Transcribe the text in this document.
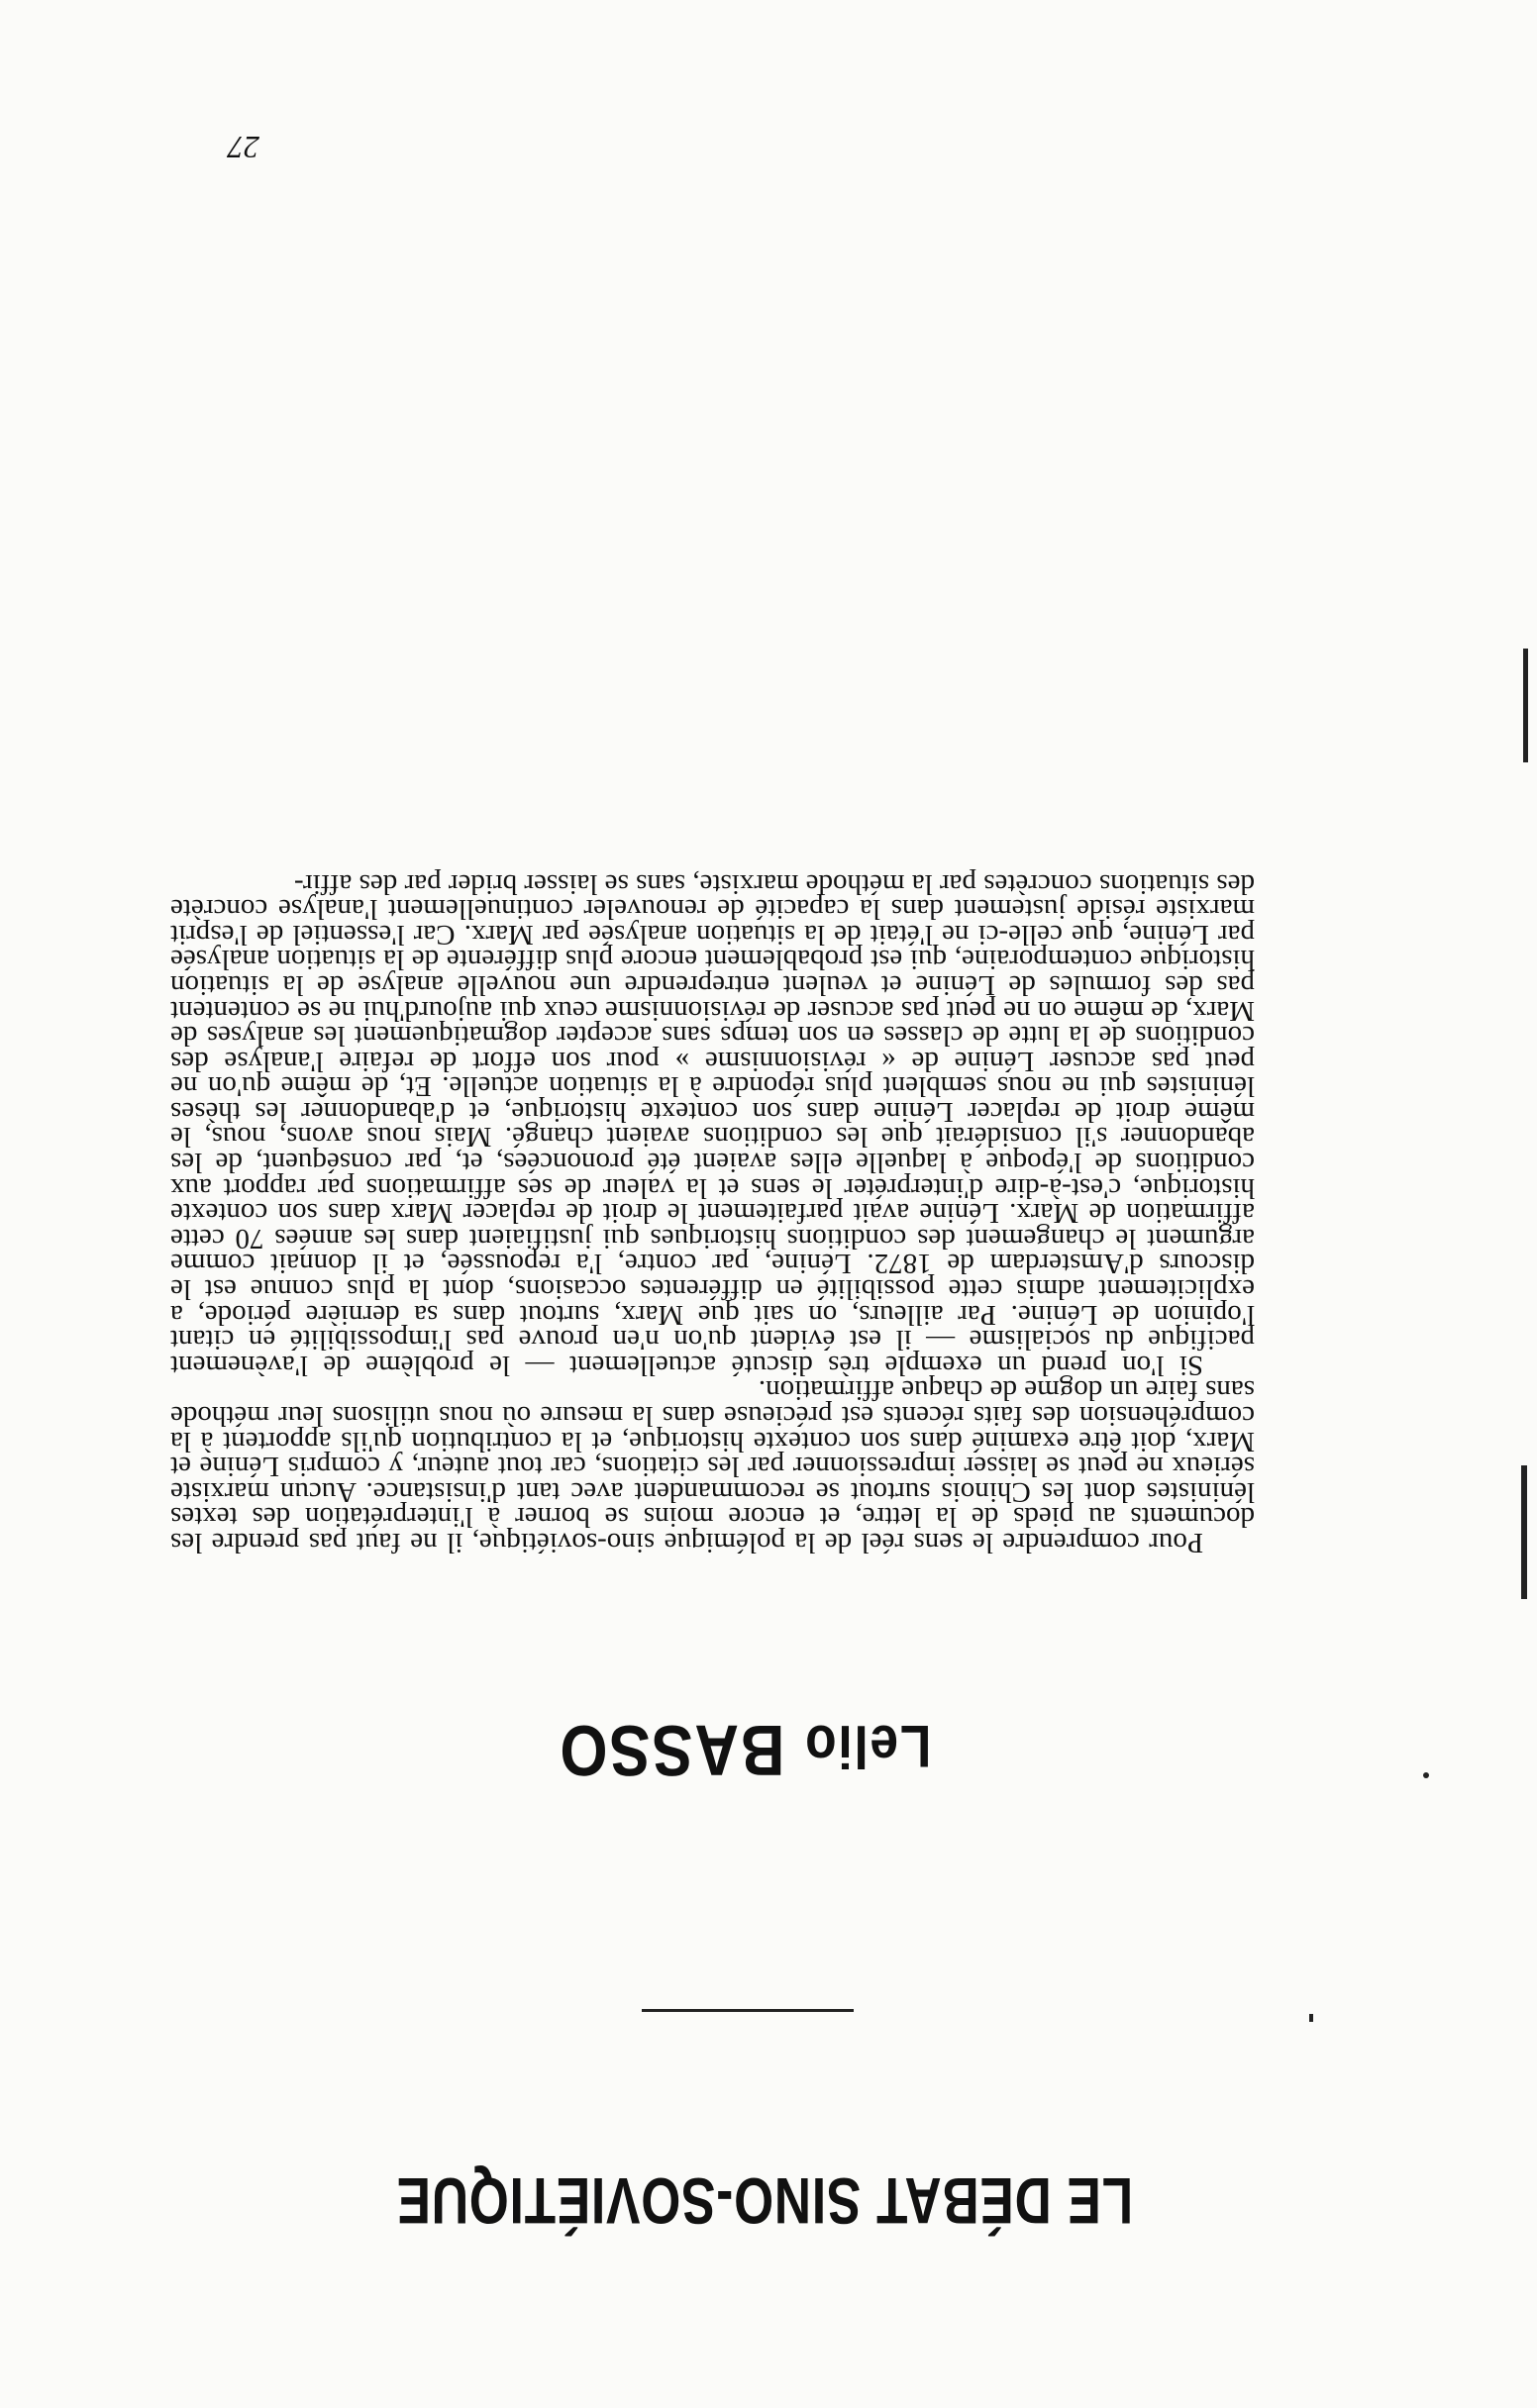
LE DÉBAT SINO-SOVIÉTIQUE
Lelio BASSO

Pour comprendre le sens réel de la polémique sino-soviétique, il ne faut pas prendre les documents au pieds de la lettre, et encore moins se borner à l'interprétation des textes léninistes dont les Chinois surtout se recommandent avec tant d'insistance. Aucun marxiste sérieux ne peut se laisser impressionner par les citations, car tout auteur, y compris Lénine et Marx, doit être examiné dans son contexte historique, et la contribution qu'ils apportent à la compréhension des faits récents est précieuse dans la mesure où nous utilisons leur méthode sans faire un dogme de chaque affirmation.

Si l'on prend un exemple très discuté actuellement — le problème de l'avènement pacifique du socialisme — il est évident qu'on n'en prouve pas l'impossibilité en citant l'opinion de Lénine. Par ailleurs, on sait que Marx, surtout dans sa dernière période, a explicitement admis cette possibilité en différentes occasions, dont la plus connue est le discours d'Amsterdam de 1872. Lénine, par contre, l'a repoussée, et il donnait comme argument le changement des conditions historiques qui justifiaient dans les années 70 cette affirmation de Marx. Lénine avait parfaitement le droit de replacer Marx dans son contexte historique, c'est-à-dire d'interpréter le sens et la valeur de ses affirmations par rapport aux conditions de l'époque à laquelle elles avaient été prononcées, et, par conséquent, de les abandonner s'il considérait que les conditions avaient changé. Mais nous avons, nous, le même droit de replacer Lénine dans son contexte historique, et d'abandonner les thèses léninistes qui ne nous semblent plus répondre à la situation actuelle. Et, de même qu'on ne peut pas accuser Lénine de « révisionnisme » pour son effort de refaire l'analyse des conditions de la lutte de classes en son temps sans accepter dogmatiquement les analyses de Marx, de même on ne peut pas accuser de révisionnisme ceux qui aujourd'hui ne se contentent pas des formules de Lénine et veulent entreprendre une nouvelle analyse de la situation historique contemporaine, qui est probablement encore plus différente de la situation analysée par Lénine, que celle-ci ne l'était de la situation analysée par Marx. Car l'essentiel de l'esprit marxiste réside justement dans la capacité de renouveler continuellement l'analyse concrète des situations concrètes par la méthode marxiste, sans se laisser brider par des affir-

27
